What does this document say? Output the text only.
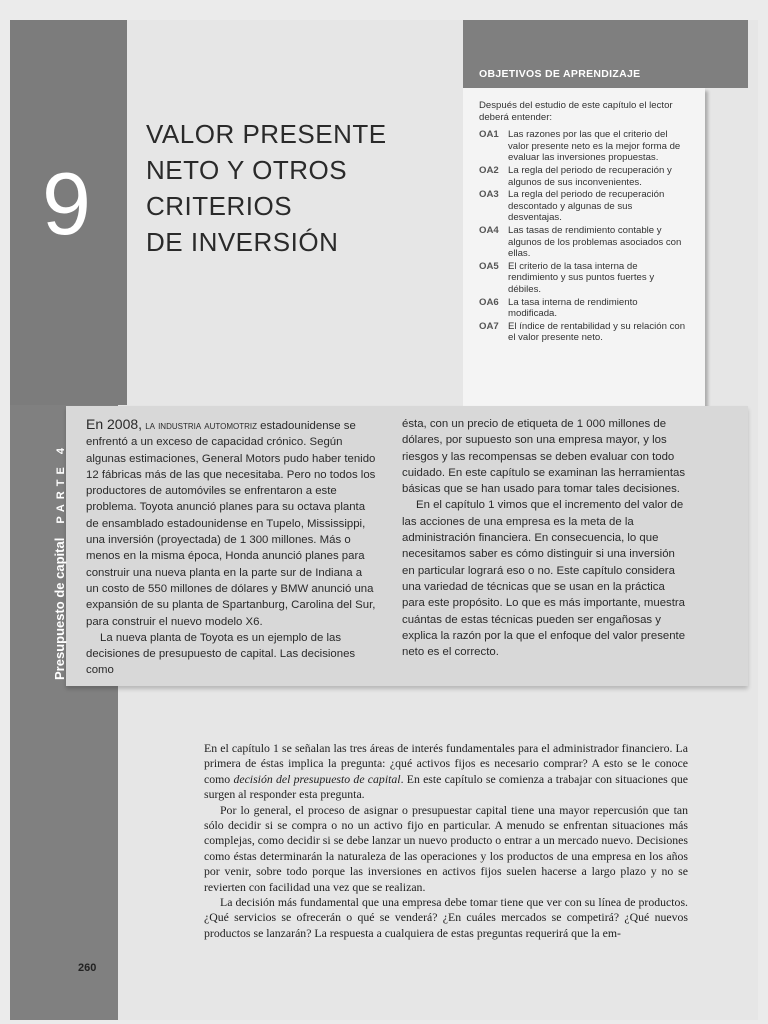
9
VALOR PRESENTE
NETO Y OTROS
CRITERIOS
DE INVERSIÓN
OBJETIVOS DE APRENDIZAJE
Después del estudio de este capítulo el lector deberá entender:
OA1 Las razones por las que el criterio del valor presente neto es la mejor forma de evaluar las inversiones propuestas.
OA2 La regla del periodo de recuperación y algunos de sus inconvenientes.
OA3 La regla del periodo de recuperación descontado y algunas de sus desventajas.
OA4 Las tasas de rendimiento contable y algunos de los problemas asociados con ellas.
OA5 El criterio de la tasa interna de rendimiento y sus puntos fuertes y débiles.
OA6 La tasa interna de rendimiento modificada.
OA7 El índice de rentabilidad y su relación con el valor presente neto.

En 2008, la industria automotriz estadounidense se enfrentó a un exceso de capacidad crónico. Según algunas estimaciones, General Motors pudo haber tenido 12 fábricas más de las que necesitaba. Pero no todos los productores de automóviles se enfrentaron a este problema. Toyota anunció planes para su octava planta de ensamblado estadounidense en Tupelo, Mississippi, una inversión (proyectada) de 1 300 millones. Más o menos en la misma época, Honda anunció planes para construir una nueva planta en la parte sur de Indiana a un costo de 550 millones de dólares y BMW anunció una expansión de su planta de Spartanburg, Carolina del Sur, para construir el nuevo modelo X6.

La nueva planta de Toyota es un ejemplo de las decisiones de presupuesto de capital. Las decisiones como

ésta, con un precio de etiqueta de 1 000 millones de dólares, por supuesto son una empresa mayor, y los riesgos y las recompensas se deben evaluar con todo cuidado. En este capítulo se examinan las herramientas básicas que se han usado para tomar tales decisiones.

En el capítulo 1 vimos que el incremento del valor de las acciones de una empresa es la meta de la administración financiera. En consecuencia, lo que necesitamos saber es cómo distinguir si una inversión en particular logrará eso o no. Este capítulo considera una variedad de técnicas que se usan en la práctica para este propósito. Lo que es más importante, muestra cuántas de estas técnicas pueden ser engañosas y explica la razón por la que el enfoque del valor presente neto es el correcto.

Presupuesto de capitalPARTE 4

En el capítulo 1 se señalan las tres áreas de interés fundamentales para el administrador financiero. La primera de éstas implica la pregunta: ¿qué activos fijos es necesario comprar? A esto se le conoce como decisión del presupuesto de capital. En este capítulo se comienza a trabajar con situaciones que surgen al responder esta pregunta.

Por lo general, el proceso de asignar o presupuestar capital tiene una mayor repercusión que tan sólo decidir si se compra o no un activo fijo en particular. A menudo se enfrentan situaciones más complejas, como decidir si se debe lanzar un nuevo producto o entrar a un mercado nuevo. Decisiones como éstas determinarán la naturaleza de las operaciones y los productos de una empresa en los años por venir, sobre todo porque las inversiones en activos fijos suelen hacerse a largo plazo y no se revierten con facilidad una vez que se realizan.

La decisión más fundamental que una empresa debe tomar tiene que ver con su línea de productos. ¿Qué servicios se ofrecerán o qué se venderá? ¿En cuáles mercados se competirá? ¿Qué nuevos productos se lanzarán? La respuesta a cualquiera de estas preguntas requerirá que la em-

260
